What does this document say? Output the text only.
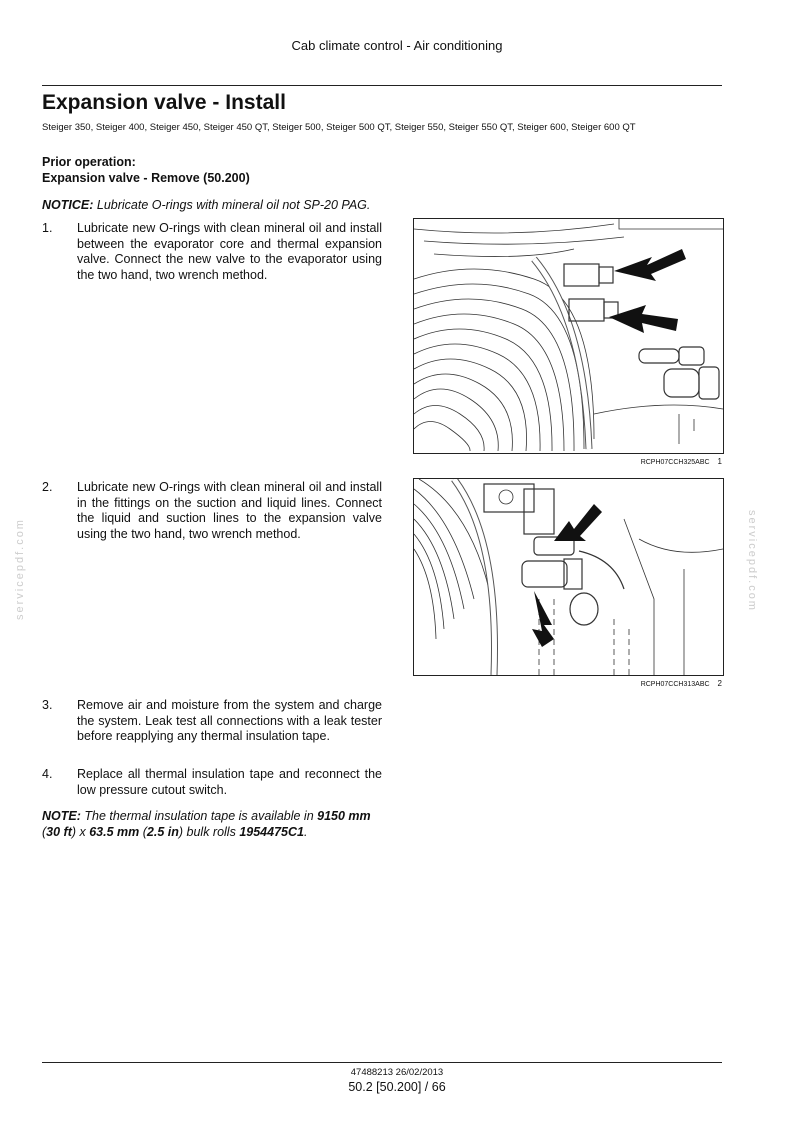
Cab climate control - Air conditioning
Expansion valve - Install
Steiger 350, Steiger 400, Steiger 450, Steiger 450 QT, Steiger 500, Steiger 500 QT, Steiger 550, Steiger 550 QT, Steiger 600, Steiger 600 QT
Prior operation:
Expansion valve - Remove (50.200)
NOTICE: Lubricate O-rings with mineral oil not SP-20 PAG.
1. Lubricate new O-rings with clean mineral oil and install between the evaporator core and thermal expansion valve. Connect the new valve to the evaporator using the two hand, two wrench method.
2. Lubricate new O-rings with clean mineral oil and install in the fittings on the suction and liquid lines. Connect the liquid and suction lines to the expansion valve using the two hand, two wrench method.
3. Remove air and moisture from the system and charge the system. Leak test all connections with a leak tester before reapplying any thermal insulation tape.
4. Replace all thermal insulation tape and reconnect the low pressure cutout switch.
NOTE: The thermal insulation tape is available in 9150 mm (30 ft) x 63.5 mm (2.5 in) bulk rolls 1954475C1.
RCPH07CCH325ABC 1
RCPH07CCH313ABC 2
servicepdf.com	servicepdf.com
47488213 26/02/2013
50.2 [50.200] / 66
